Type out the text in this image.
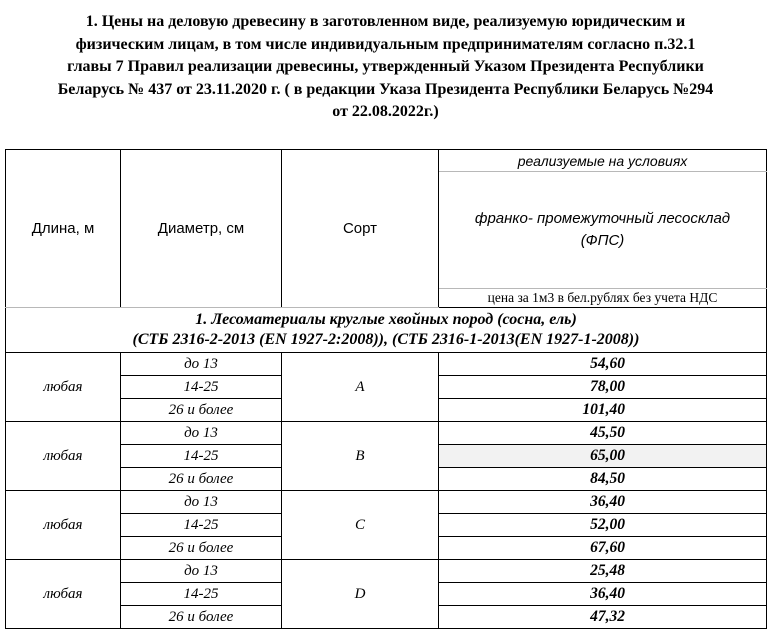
1. Цены на деловую древесину в заготовленном виде, реализуемую юридическим и
физическим лицам, в том числе индивидуальным предпринимателям согласно п.32.1
главы 7 Правил реализации древесины, утвержденный Указом Президента Республики
Беларусь № 437 от 23.11.2020 г. ( в редакции Указа Президента Республики Беларусь №294
от 22.08.2022г.)
Длина, м	Диаметр, см	Сорт	реализуемые на условиях

			франко- промежуточный лесосклад
(ФПС)

			цена за 1м3 в бел.рублях без учета НДС

1. Лесоматериалы круглые хвойных пород (сосна, ель)
(СТБ 2316-2-2013 (EN 1927-2:2008)), (СТБ 2316-1-2013(EN 1927-1-2008))			

любая	до 13	A	54,60
	14-25		78,00
	26 и более		101,40
любая	до 13	B	45,50
	14-25		65,00
	26 и более		84,50
любая	до 13	C	36,40
	14-25		52,00
	26 и более		67,60
любая	до 13	D	25,48
	14-25		36,40
	26 и более		47,32
